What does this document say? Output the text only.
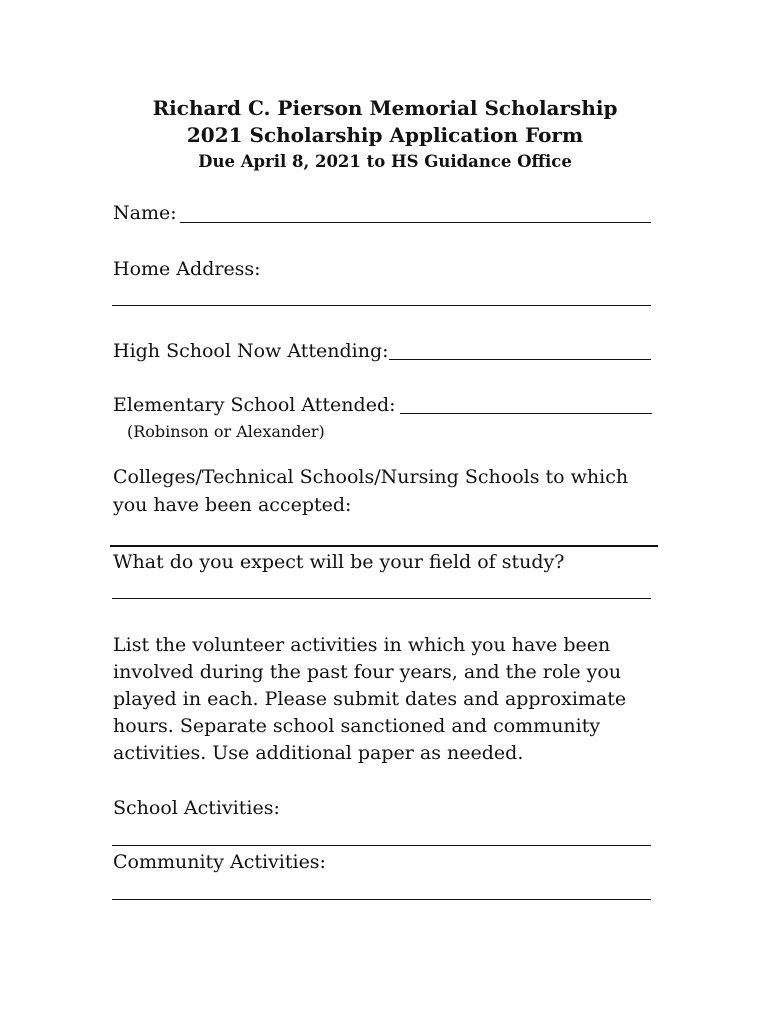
Richard C. Pierson Memorial Scholarship
2021 Scholarship Application Form
Due April 8, 2021 to HS Guidance Office
Name:
Home Address:
High School Now Attending:
Elementary School Attended:
(Robinson or Alexander)
Colleges/Technical Schools/Nursing Schools to which
you have been accepted:
What do you expect will be your field of study?
List the volunteer activities in which you have been
involved during the past four years, and the role you
played in each. Please submit dates and approximate
hours. Separate school sanctioned and community
activities. Use additional paper as needed.
School Activities:
Community Activities:
